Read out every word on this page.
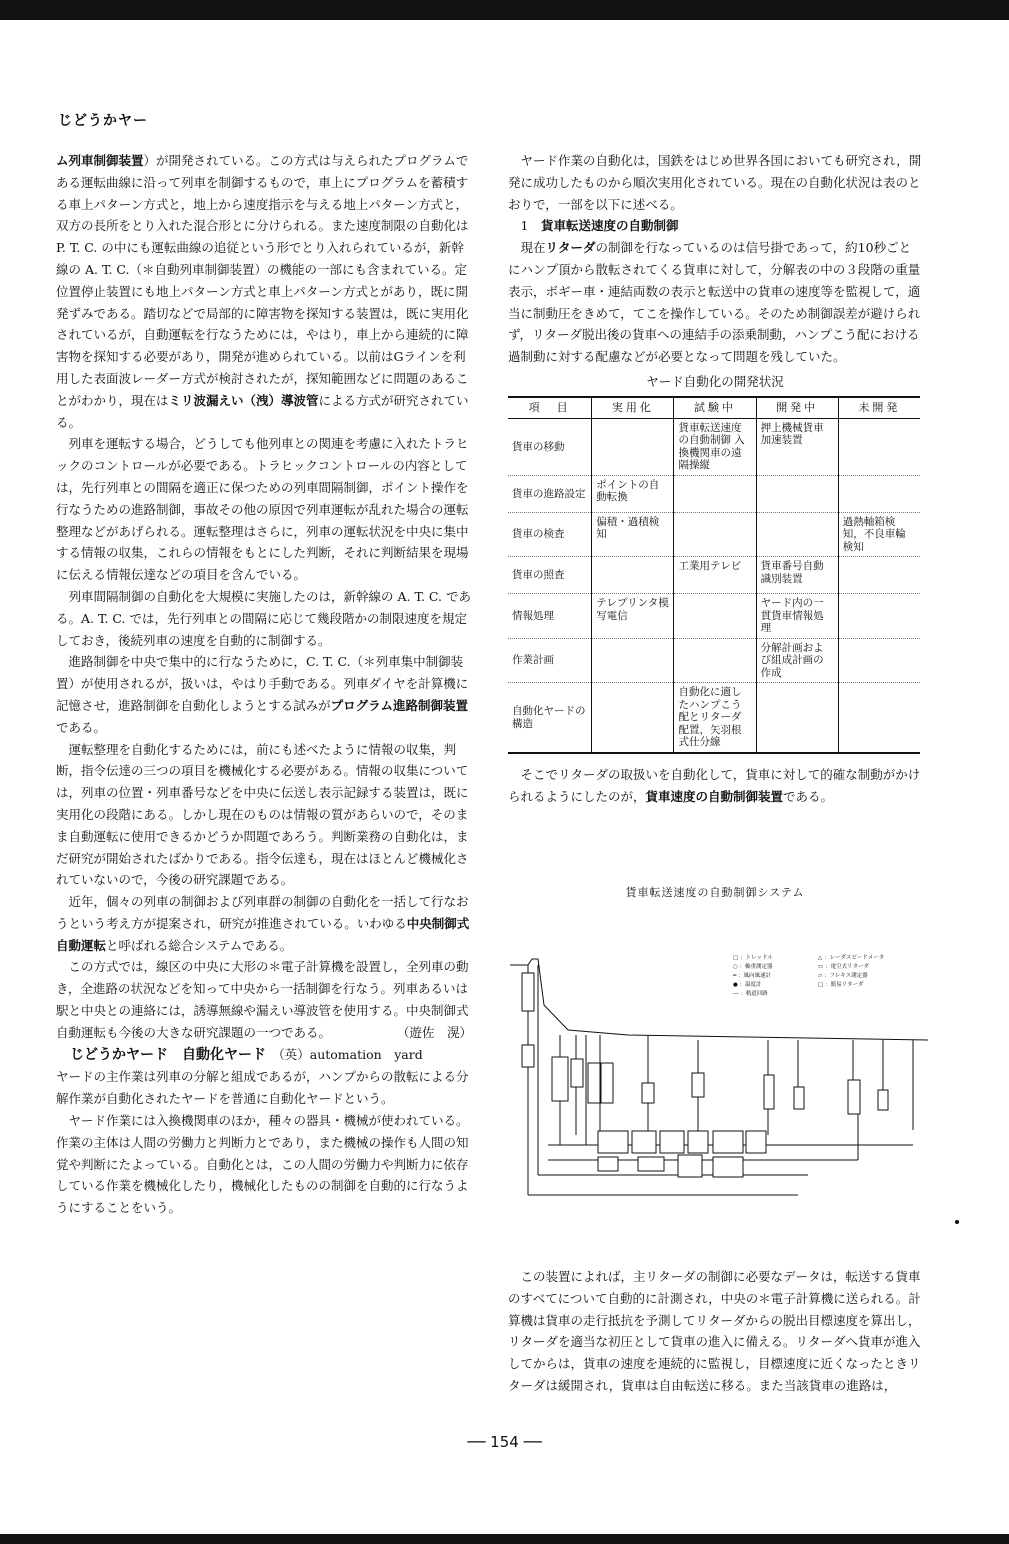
じどうかヤー

ム列車制御装置）が開発されている。この方式は与えられたプログラムである運転曲線に沿って列車を制御するもので，車上にプログラムを蓄積する車上パターン方式と，地上から速度指示を与える地上パターン方式と，双方の長所をとり入れた混合形とに分けられる。また速度制限の自動化は P. T. C. の中にも運転曲線の追従という形でとり入れられているが，新幹線の A. T. C.（＊自動列車制御装置）の機能の一部にも含まれている。定位置停止装置にも地上パターン方式と車上パターン方式とがあり，既に開発ずみである。踏切などで局部的に障害物を探知する装置は，既に実用化されているが，自動運転を行なうためには，やはり，車上から連続的に障害物を探知する必要があり，開発が進められている。以前はGラインを利用した表面波レーダー方式が検討されたが，探知範囲などに問題のあることがわかり，現在はミリ波漏えい（洩）導波管による方式が研究されている。

列車を運転する場合，どうしても他列車との関連を考慮に入れたトラヒックのコントロールが必要である。トラヒックコントロールの内容としては，先行列車との間隔を適正に保つための列車間隔制御，ポイント操作を行なうための進路制御，事故その他の原因で列車運転が乱れた場合の運転整理などがあげられる。運転整理はさらに，列車の運転状況を中央に集中する情報の収集，これらの情報をもとにした判断，それに判断結果を現場に伝える情報伝達などの項目を含んでいる。

列車間隔制御の自動化を大規模に実施したのは，新幹線の A. T. C. である。A. T. C. では，先行列車との間隔に応じて幾段階かの制限速度を規定しておき，後続列車の速度を自動的に制御する。

進路制御を中央で集中的に行なうために，C. T. C.（＊列車集中制御装置）が使用されるが，扱いは，やはり手動である。列車ダイヤを計算機に記憶させ，進路制御を自動化しようとする試みがプログラム進路制御装置である。

運転整理を自動化するためには，前にも述べたように情報の収集，判断，指令伝達の三つの項目を機械化する必要がある。情報の収集については，列車の位置・列車番号などを中央に伝送し表示記録する装置は，既に実用化の段階にある。しかし現在のものは情報の質があらいので，そのまま自動運転に使用できるかどうか問題であろう。判断業務の自動化は，まだ研究が開始されたばかりである。指令伝達も，現在はほとんど機械化されていないので，今後の研究課題である。

近年，個々の列車の制御および列車群の制御の自動化を一括して行なおうという考え方が提案され，研究が推進されている。いわゆる中央制御式自動運転と呼ばれる総合システムである。

この方式では，線区の中央に大形の＊電子計算機を設置し，全列車の動き，全進路の状況などを知って中央から一括制御を行なう。列車あるいは駅と中央との連絡には，誘導無線や漏えい導波管を使用する。中央制御式自動運転も今後の大きな研究課題の一つである。	（遊佐　滉）

　じどうかヤード　自動化ヤード　（英）automation　yard

ヤードの主作業は列車の分解と組成であるが，ハンプからの散転による分解作業が自動化されたヤードを普通に自動化ヤードという。

ヤード作業には入換機関車のほか，種々の器具・機械が使われている。作業の主体は人間の労働力と判断力とであり，また機械の操作も人間の知覚や判断にたよっている。自動化とは，この人間の労働力や判断力に依存している作業を機械化したり，機械化したものの制御を自動的に行なうようにすることをいう。

ヤード作業の自動化は，国鉄をはじめ世界各国においても研究され，開発に成功したものから順次実用化されている。現在の自動化状況は表のとおりで，一部を以下に述べる。

1　貨車転送速度の自動制御

現在リターダの制御を行なっているのは信号掛であって，約10秒ごとにハンプ頂から散転されてくる貨車に対して，分解表の中の３段階の重量表示，ボギー車・連結両数の表示と転送中の貨車の速度等を監視して，適当に制動圧をきめて，てこを操作している。そのため制御誤差が避けられず，リターダ脱出後の貨車への連結手の添乗制動，ハンプこう配における過制動に対する配慮などが必要となって問題を残していた。

ヤード自動化の開発状況
項　目	実用化	試験中	開発中	未開発
貨車の移動		貨車転送速度の自動制御 入換機関車の遠隔操縦	押上機械貨車加速装置	
貨車の進路設定	ポイントの自動転換			
貨車の検査	偏積・過積検知			過熱軸箱検知，不良車輪検知
貨車の照査		工業用テレビ	貨車番号自動識別装置	
情報処理	テレプリンタ模写電信		ヤード内の一貫貨車情報処理	
作業計画			分解計画および組成計画の作成	
自動化ヤードの構造		自動化に適したハンプこう配とリターダ配置，矢羽根式仕分線		

そこでリターダの取扱いを自動化して，貨車に対して的確な制動がかけられるようにしたのが，貨車速度の自動制御装置である。

貨車転送速度の自動制御システム
□ ：トレッドル
○ ：軸重測定器
━ ：風向風速計
● ：温度計
― ：軌道回路
△ ：レーダスピードメータ
▭ ：電空式リターダ
▱ ：フレキス測定器
□ ：簡易リターダ

この装置によれば，主リターダの制御に必要なデータは，転送する貨車のすべてについて自動的に計測され，中央の＊電子計算機に送られる。計算機は貨車の走行抵抗を予測してリターダからの脱出目標速度を算出し，リターダを適当な初圧として貨車の進入に備える。リターダへ貨車が進入してからは，貨車の速度を連続的に監視し，目標速度に近くなったときリターダは緩開され，貨車は自由転送に移る。また当該貨車の進路は，

── 154 ──
